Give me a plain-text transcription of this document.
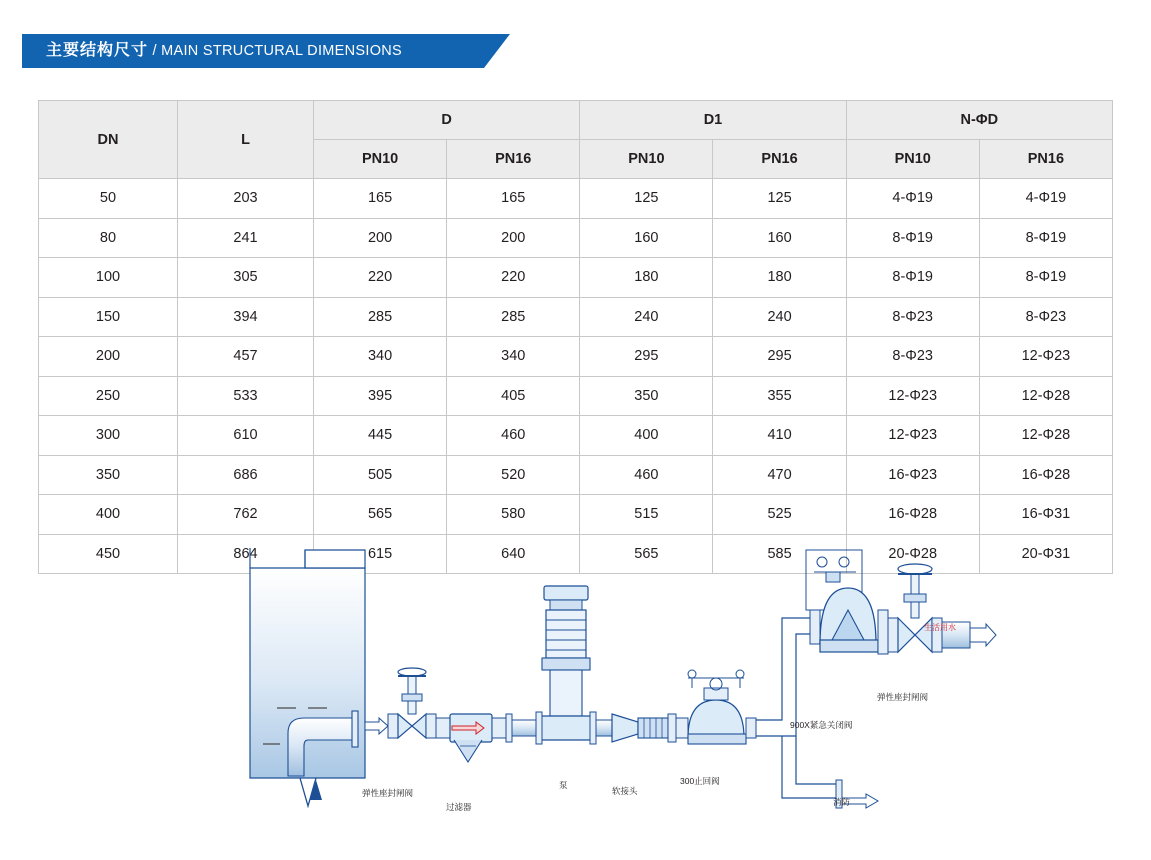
主要结构尺寸 / MAIN STRUCTURAL DIMENSIONS
DN	L	D		D1		N-ΦD	
		PN10	PN16	PN10	PN16	PN10	PN16
50	203	165	165	125	125	4-Φ19	4-Φ19
80	241	200	200	160	160	8-Φ19	8-Φ19
100	305	220	220	180	180	8-Φ19	8-Φ19
150	394	285	285	240	240	8-Φ23	8-Φ23
200	457	340	340	295	295	8-Φ23	12-Φ23
250	533	395	405	350	355	12-Φ23	12-Φ28
300	610	445	460	400	410	12-Φ23	12-Φ28
350	686	505	520	460	470	16-Φ23	16-Φ28
400	762	565	580	515	525	16-Φ28	16-Φ31
450	864	615	640	565	585	20-Φ28	20-Φ31
弹性座封闸阀
过滤器
泵
软接头
300止回阀
900X紧急关闭阀
弹性座封闸阀
生活用水
消防
